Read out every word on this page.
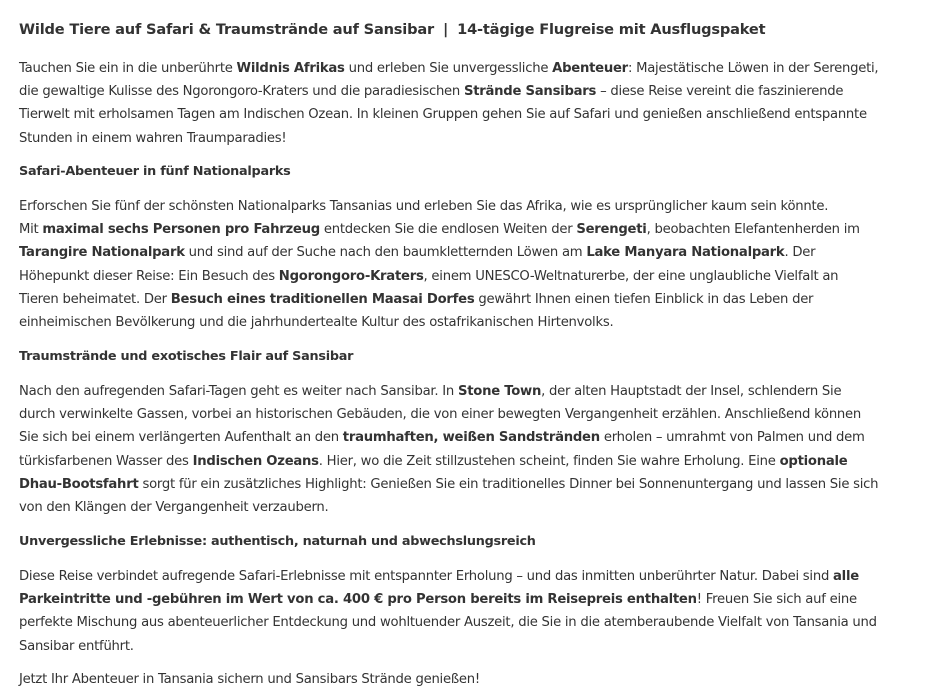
Wilde Tiere auf Safari & Traumstrände auf Sansibar | 14-tägige Flugreise mit Ausflugspaket

Tauchen Sie ein in die unberührte Wildnis Afrikas und erleben Sie unvergessliche Abenteuer: Majestätische Löwen in der Serengeti, die gewaltige Kulisse des Ngorongoro-Kraters und die paradiesischen Strände Sansibars – diese Reise vereint die faszinierende Tierwelt mit erholsamen Tagen am Indischen Ozean. In kleinen Gruppen gehen Sie auf Safari und genießen anschließend entspannte Stunden in einem wahren Traumparadies!

Safari-Abenteuer in fünf Nationalparks

Erforschen Sie fünf der schönsten Nationalparks Tansanias und erleben Sie das Afrika, wie es ursprünglicher kaum sein könnte.
Mit maximal sechs Personen pro Fahrzeug entdecken Sie die endlosen Weiten der Serengeti, beobachten Elefantenherden im Tarangire Nationalpark und sind auf der Suche nach den baumkletternden Löwen am Lake Manyara Nationalpark. Der Höhepunkt dieser Reise: Ein Besuch des Ngorongoro-Kraters, einem UNESCO-Weltnaturerbe, der eine unglaubliche Vielfalt an Tieren beheimatet. Der Besuch eines traditionellen Maasai Dorfes gewährt Ihnen einen tiefen Einblick in das Leben der einheimischen Bevölkerung und die jahrhundertealte Kultur des ostafrikanischen Hirtenvolks.

Traumstrände und exotisches Flair auf Sansibar

Nach den aufregenden Safari-Tagen geht es weiter nach Sansibar. In Stone Town, der alten Hauptstadt der Insel, schlendern Sie durch verwinkelte Gassen, vorbei an historischen Gebäuden, die von einer bewegten Vergangenheit erzählen. Anschließend können Sie sich bei einem verlängerten Aufenthalt an den traumhaften, weißen Sandstränden erholen – umrahmt von Palmen und dem türkisfarbenen Wasser des Indischen Ozeans. Hier, wo die Zeit stillzustehen scheint, finden Sie wahre Erholung. Eine optionale Dhau-Bootsfahrt sorgt für ein zusätzliches Highlight: Genießen Sie ein traditionelles Dinner bei Sonnenuntergang und lassen Sie sich von den Klängen der Vergangenheit verzaubern.

Unvergessliche Erlebnisse: authentisch, naturnah und abwechslungsreich

Diese Reise verbindet aufregende Safari-Erlebnisse mit entspannter Erholung – und das inmitten unberührter Natur. Dabei sind alle Parkeintritte und -gebühren im Wert von ca. 400 € pro Person bereits im Reisepreis enthalten! Freuen Sie sich auf eine perfekte Mischung aus abenteuerlicher Entdeckung und wohltuender Auszeit, die Sie in die atemberaubende Vielfalt von Tansania und Sansibar entführt.

Jetzt Ihr Abenteuer in Tansania sichern und Sansibars Strände genießen!
